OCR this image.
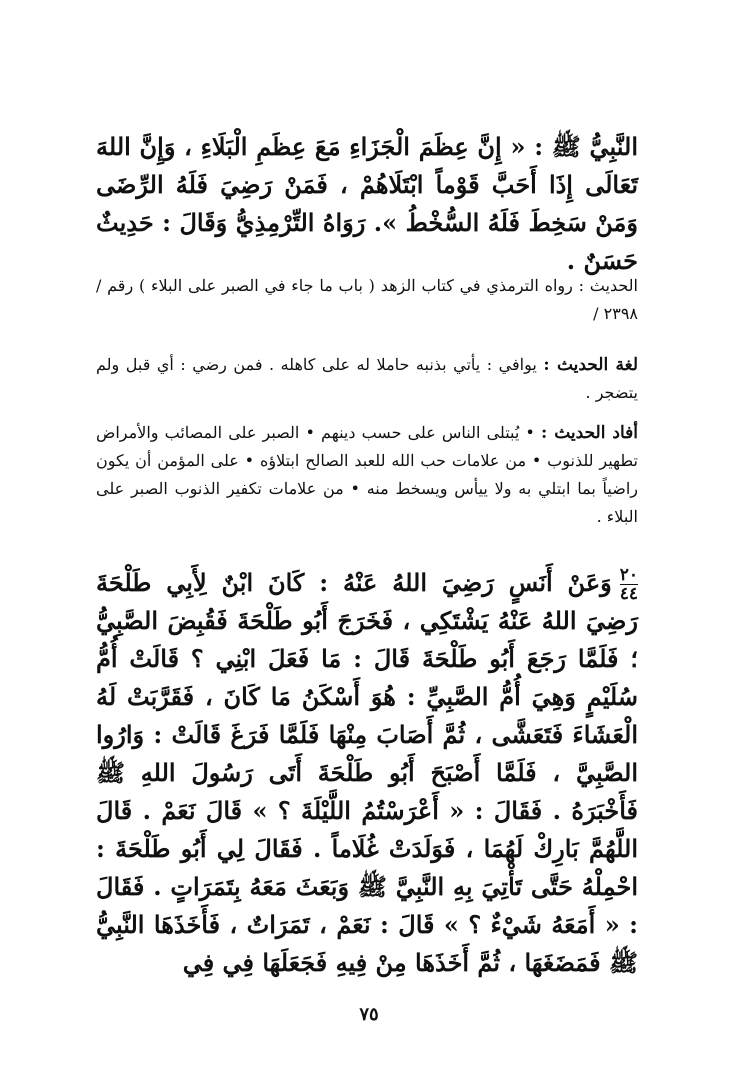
النَّبِيُّ ﷺ : « إِنَّ عِظَمَ الْجَزَاءِ مَعَ عِظَمِ الْبَلَاءِ ، وَإِنَّ اللهَ تَعَالَى إِذَا أَحَبَّ قَوْماً ابْتَلَاهُمْ ، فَمَنْ رَضِيَ فَلَهُ الرِّضَى وَمَنْ سَخِطَ فَلَهُ السُّخْطُ ». رَوَاهُ التِّرْمِذِيُّ وَقَالَ : حَدِيثٌ حَسَنٌ .

الحديث : رواه الترمذي في كتاب الزهد ( باب ما جاء في الصبر على البلاء ) رقم / ٢٣٩٨ /

لغة الحديث : يوافي : يأتي بذنبه حاملا له على كاهله . فمن رضي : أي قبل ولم يتضجر .

أفاد الحديث : • يُبتلى الناس على حسب دينهم • الصبر على المصائب والأمراض تطهير للذنوب • من علامات حب الله للعبد الصالح ابتلاؤه • على المؤمن أن يكون راضياً بما ابتلي به ولا ييأس ويسخط منه • من علامات تكفير الذنوب الصبر على البلاء .

٢٠
٤٤
وَعَنْ أَنَسٍ رَضِيَ اللهُ عَنْهُ : كَانَ ابْنٌ لِأَبِي طَلْحَةَ رَضِيَ اللهُ عَنْهُ يَشْتَكِي ، فَخَرَجَ أَبُو طَلْحَةَ فَقُبِضَ الصَّبِيُّ ؛ فَلَمَّا رَجَعَ أَبُو طَلْحَةَ قَالَ : مَا فَعَلَ ابْنِي ؟ قَالَتْ أُمُّ سُلَيْمٍ وَهِيَ أُمُّ الصَّبِيِّ : هُوَ أَسْكَنُ مَا كَانَ ، فَقَرَّبَتْ لَهُ الْعَشَاءَ فَتَعَشَّى ، ثُمَّ أَصَابَ مِنْهَا فَلَمَّا فَرَغَ قَالَتْ : وَارُوا الصَّبِيَّ ، فَلَمَّا أَصْبَحَ أَبُو طَلْحَةَ أَتَى رَسُولَ اللهِ ﷺ فَأَخْبَرَهُ . فَقَالَ : « أَعْرَسْتُمُ اللَّيْلَةَ ؟ » قَالَ نَعَمْ . قَالَ اللَّهُمَّ بَارِكْ لَهُمَا ، فَوَلَدَتْ غُلَاماً . فَقَالَ لِي أَبُو طَلْحَةَ : احْمِلْهُ حَتَّى تَأْتِيَ بِهِ النَّبِيَّ ﷺ وَبَعَثَ مَعَهُ بِتَمَرَاتٍ . فَقَالَ : « أَمَعَهُ شَيْءٌ ؟ » قَالَ : نَعَمْ ، تَمَرَاتٌ ، فَأَخَذَهَا النَّبِيُّ ﷺ فَمَضَغَهَا ، ثُمَّ أَخَذَهَا مِنْ فِيهِ فَجَعَلَهَا فِي فِي

٧٥
